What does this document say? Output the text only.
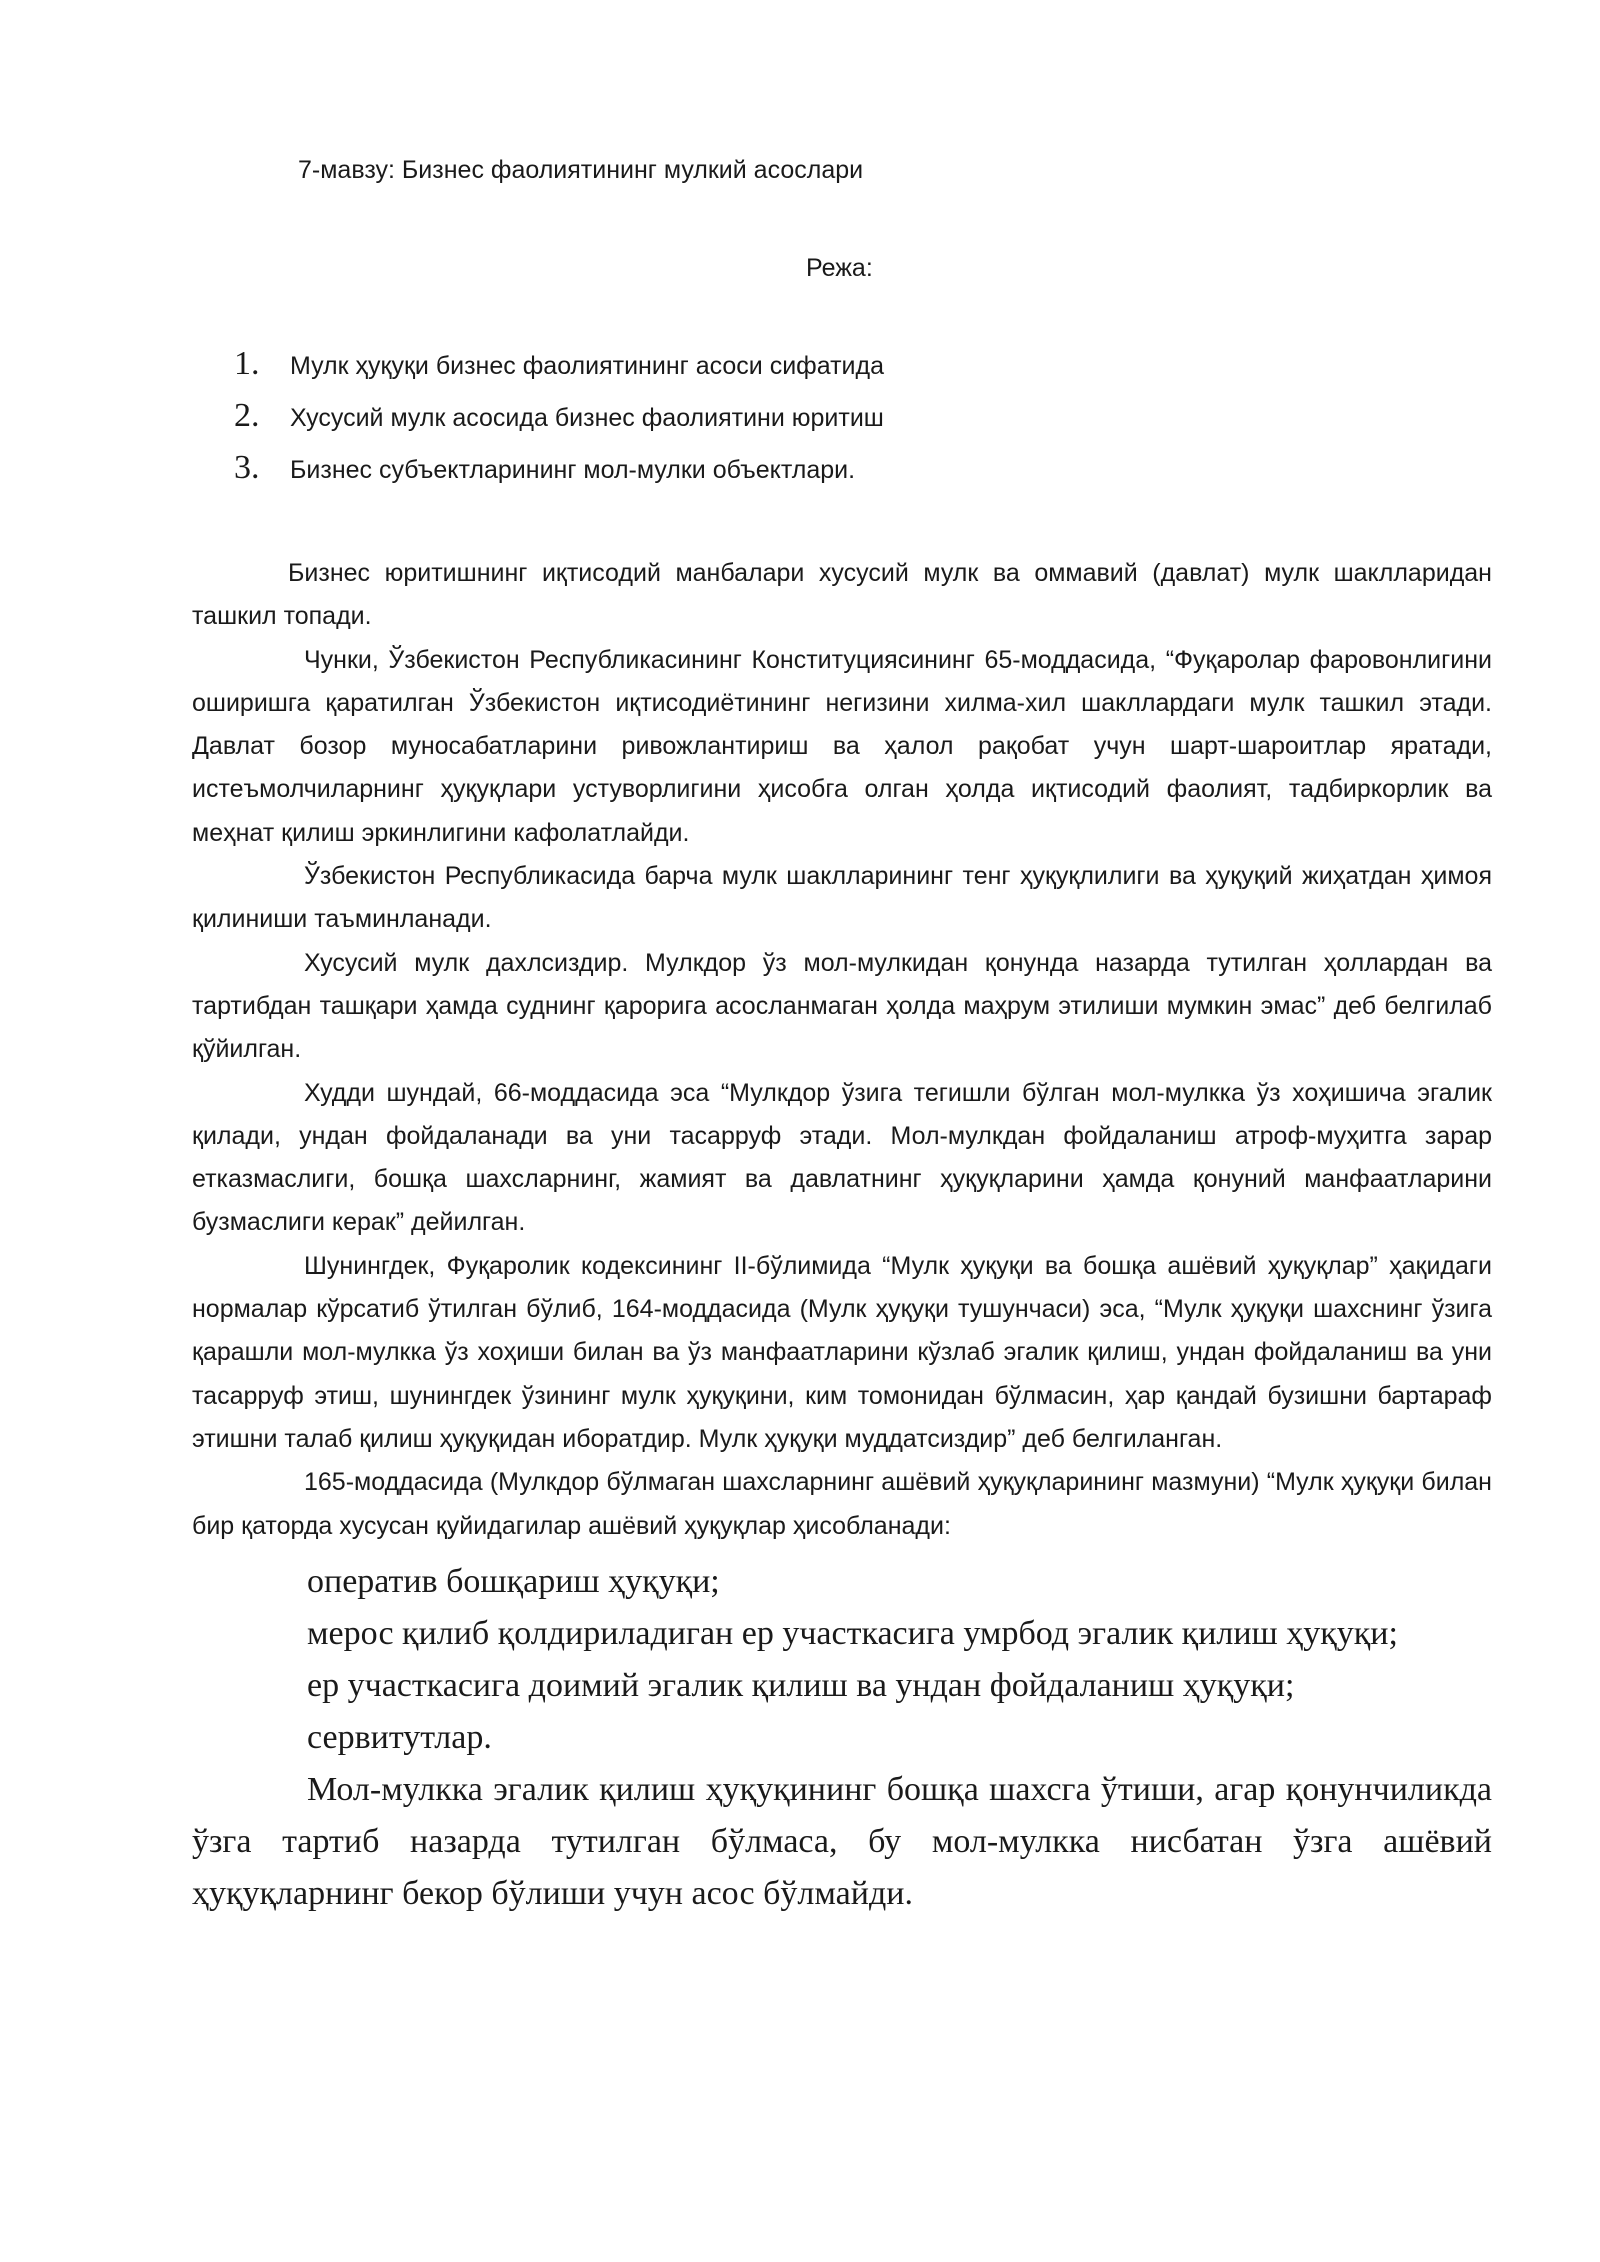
7-мавзу: Бизнес фаолиятининг мулкий асослари
Режа:
1.	Мулк ҳуқуқи бизнес фаолиятининг асоси сифатида
2.	Хусусий мулк асосида бизнес фаолиятини юритиш
3.	Бизнес субъектларининг мол-мулки объектлари.

Бизнес юритишнинг иқтисодий манбалари хусусий мулк ва оммавий (давлат) мулк шаклларидан ташкил топади.

Чунки, Ўзбекистон Республикасининг Конституциясининг 65-моддасида, “Фуқаролар фаровонлигини оширишга қаратилган Ўзбекистон иқтисодиётининг негизини хилма-хил шакллардаги мулк ташкил этади. Давлат бозор муносабатларини ривожлантириш ва ҳалол рақобат учун шарт-шароитлар яратади, истеъмолчиларнинг ҳуқуқлари устуворлигини ҳисобга олган ҳолда иқтисодий фаолият, тадбиркорлик ва меҳнат қилиш эркинлигини кафолатлайди.

Ўзбекистон Республикасида барча мулк шаклларининг тенг ҳуқуқлилиги ва ҳуқуқий жиҳатдан ҳимоя қилиниши таъминланади.

Хусусий мулк дахлсиздир. Мулкдор ўз мол-мулкидан қонунда назарда тутилган ҳоллардан ва тартибдан ташқари ҳамда суднинг қарорига асосланмаган ҳолда маҳрум этилиши мумкин эмас” деб белгилаб қўйилган.

Худди шундай, 66-моддасида эса “Мулкдор ўзига тегишли бўлган мол-мулкка ўз хоҳишича эгалик қилади, ундан фойдаланади ва уни тасарруф этади. Мол-мулкдан фойдаланиш атроф-муҳитга зарар етказмаслиги, бошқа шахсларнинг, жамият ва давлатнинг ҳуқуқларини ҳамда қонуний манфаатларини бузмаслиги керак” дейилган.

Шунингдек, Фуқаролик кодексининг II-бўлимида “Мулк ҳуқуқи ва бошқа ашёвий ҳуқуқлар” ҳақидаги нормалар кўрсатиб ўтилган бўлиб, 164-моддасида (Мулк ҳуқуқи тушунчаси) эса, “Мулк ҳуқуқи шахснинг ўзига қарашли мол-мулкка ўз хоҳиши билан ва ўз манфаатларини кўзлаб эгалик қилиш, ундан фойдаланиш ва уни тасарруф этиш, шунингдек ўзининг мулк ҳуқуқини, ким томонидан бўлмасин, ҳар қандай бузишни бартараф этишни талаб қилиш ҳуқуқидан иборатдир. Мулк ҳуқуқи муддатсиздир” деб белгиланган.

165-моддасида (Мулкдор бўлмаган шахсларнинг ашёвий ҳуқуқларининг мазмуни) “Мулк ҳуқуқи билан бир қаторда хусусан қуйидагилар ашёвий ҳуқуқлар ҳисобланади:

оператив бошқариш ҳуқуқи;

мерос қилиб қолдириладиган ер участкасига умрбод эгалик қилиш ҳуқуқи;

ер участкасига доимий эгалик қилиш ва ундан фойдаланиш ҳуқуқи;

сервитутлар.

Мол-мулкка эгалик қилиш ҳуқуқининг бошқа шахсга ўтиши, агар қонунчиликда ўзга тартиб назарда тутилган бўлмаса, бу мол-мулкка нисбатан ўзга ашёвий ҳуқуқларнинг бекор бўлиши учун асос бўлмайди.
